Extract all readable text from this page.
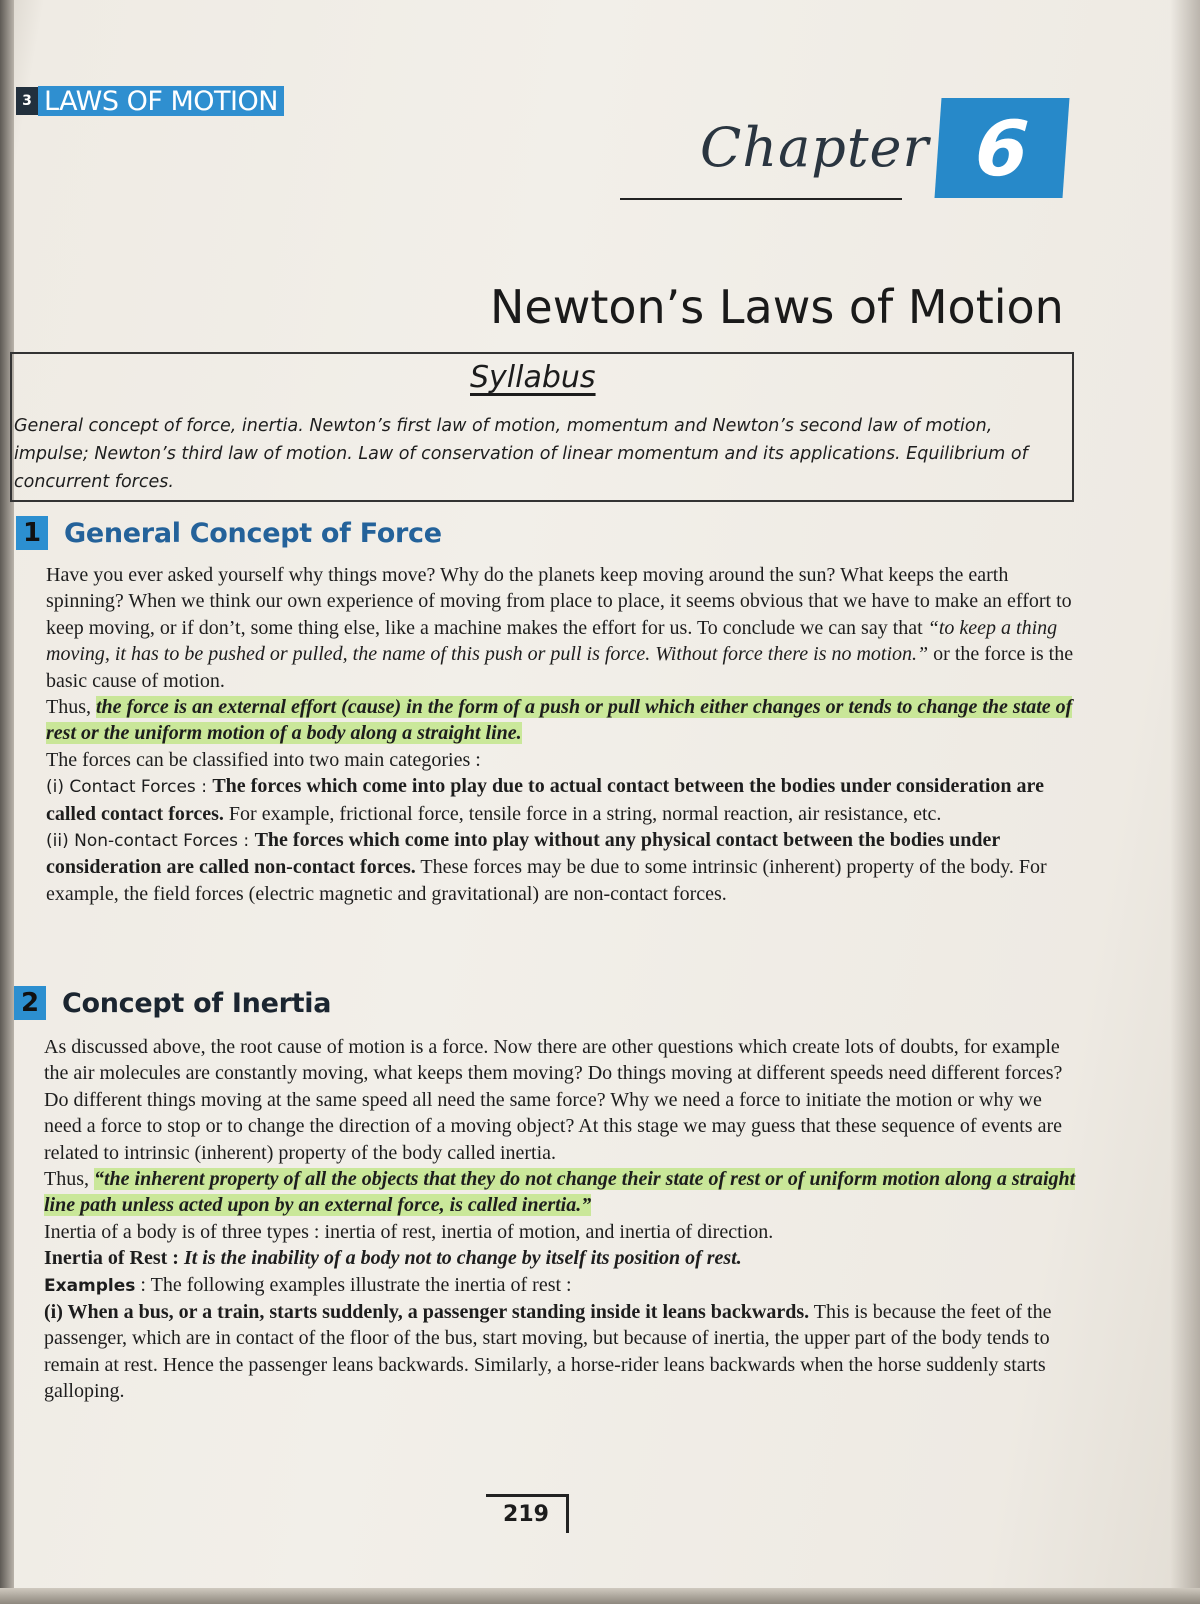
3 LAWS OF MOTION
Chapter 6
Newton’s Laws of Motion
Syllabus
General concept of force, inertia. Newton’s first law of motion, momentum and Newton’s second law of motion, impulse; Newton’s third law of motion. Law of conservation of linear momentum and its applications. Equilibrium of concurrent forces.
1 General Concept of Force

Have you ever asked yourself why things move? Why do the planets keep moving around the sun? What keeps the earth spinning? When we think our own experience of moving from place to place, it seems obvious that we have to make an effort to keep moving, or if don’t, some thing else, like a machine makes the effort for us. To conclude we can say that “to keep a thing moving, it has to be pushed or pulled, the name of this push or pull is force. Without force there is no motion.” or the force is the basic cause of motion.

Thus, the force is an external effort (cause) in the form of a push or pull which either changes or tends to change the state of rest or the uniform motion of a body along a straight line.

The forces can be classified into two main categories :

(i) Contact Forces : The forces which come into play due to actual contact between the bodies under consideration are called contact forces. For example, frictional force, tensile force in a string, normal reaction, air resistance, etc.

(ii) Non-contact Forces : The forces which come into play without any physical contact between the bodies under consideration are called non-contact forces. These forces may be due to some intrinsic (inherent) property of the body. For example, the field forces (electric magnetic and gravitational) are non-contact forces.

2 Concept of Inertia

As discussed above, the root cause of motion is a force. Now there are other questions which create lots of doubts, for example the air molecules are constantly moving, what keeps them moving? Do things moving at different speeds need different forces? Do different things moving at the same speed all need the same force? Why we need a force to initiate the motion or why we need a force to stop or to change the direction of a moving object? At this stage we may guess that these sequence of events are related to intrinsic (inherent) property of the body called inertia.

Thus, “the inherent property of all the objects that they do not change their state of rest or of uniform motion along a straight line path unless acted upon by an external force, is called inertia.”

Inertia of a body is of three types : inertia of rest, inertia of motion, and inertia of direction.

Inertia of Rest : It is the inability of a body not to change by itself its position of rest.

Examples : The following examples illustrate the inertia of rest :

(i) When a bus, or a train, starts suddenly, a passenger standing inside it leans backwards. This is because the feet of the passenger, which are in contact of the floor of the bus, start moving, but because of inertia, the upper part of the body tends to remain at rest. Hence the passenger leans backwards. Similarly, a horse-rider leans backwards when the horse suddenly starts galloping.

219
